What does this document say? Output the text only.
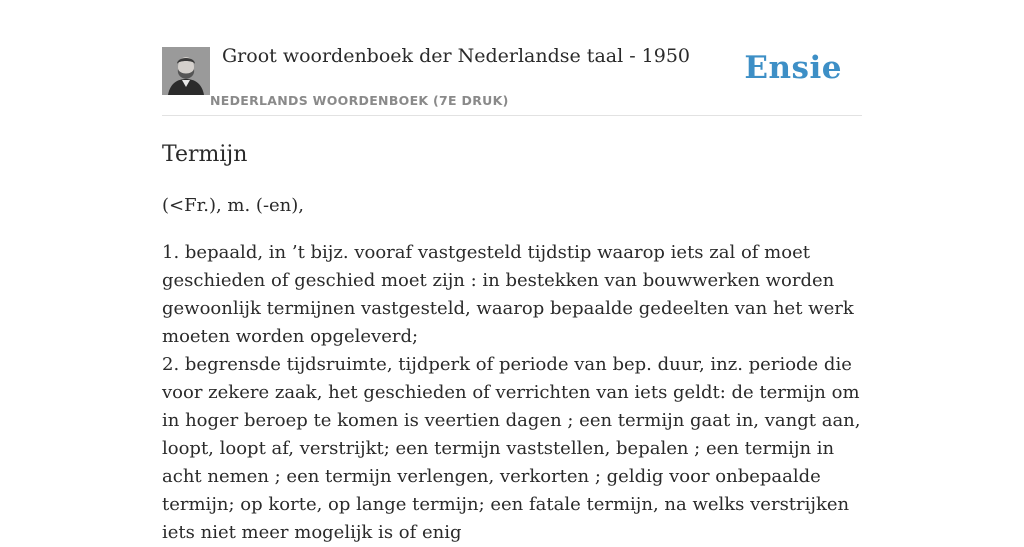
Groot woordenboek der Nederlandse taal - 1950
NEDERLANDS WOORDENBOEK (7E DRUK)
Ensie
Termijn
(<Fr.), m. (-en),

1. bepaald, in ’t bijz. vooraf vastgesteld tijdstip waarop iets zal of moet geschieden of geschied moet zijn : in bestekken van bouwwerken worden gewoonlijk termijnen vastgesteld, waarop bepaalde gedeelten van het werk moeten worden opgeleverd;

2. begrensde tijdsruimte, tijdperk of periode van bep. duur, inz. periode die voor zekere zaak, het geschieden of verrichten van iets geldt: de termijn om in hoger beroep te komen is veertien dagen ; een termijn gaat in, vangt aan, loopt, loopt af, verstrijkt; een termijn vaststellen, bepalen ; een termijn in acht nemen ; een termijn verlengen, verkorten ; geldig voor onbepaalde termijn; op korte, op lange termijn; een fatale termijn, na welks verstrijken iets niet meer mogelijk is of enig
